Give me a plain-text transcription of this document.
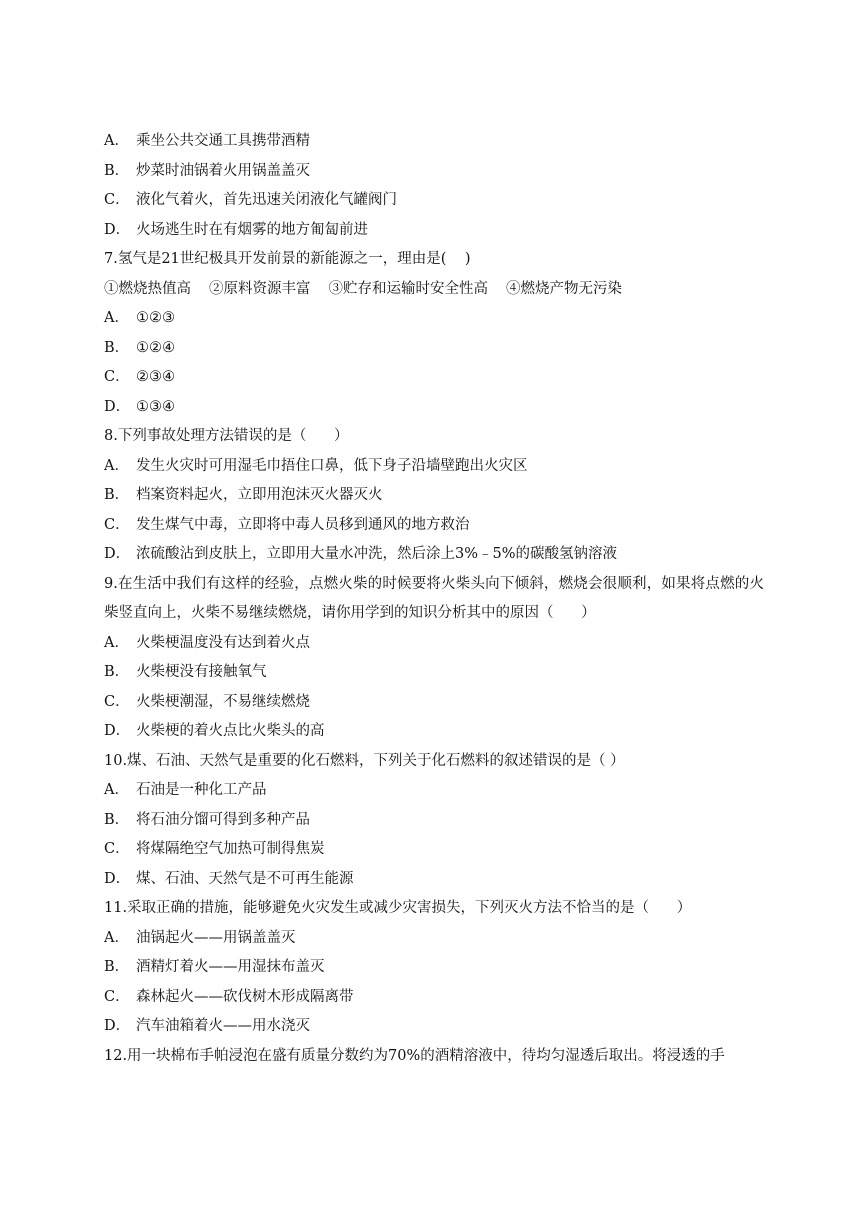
A． 乘坐公共交通工具携带酒精
B． 炒菜时油锅着火用锅盖盖灭
C． 液化气着火，首先迅速关闭液化气罐阀门
D． 火场逃生时在有烟雾的地方匍匐前进
7.氢气是21世纪极具开发前景的新能源之一，理由是(    )
①燃烧热值高 ②原料资源丰富 ③贮存和运输时安全性高 ④燃烧产物无污染
A． ①②③
B． ①②④
C． ②③④
D． ①③④
8.下列事故处理方法错误的是（      ）
A． 发生火灾时可用湿毛巾捂住口鼻，低下身子沿墙壁跑出火灾区
B． 档案资料起火，立即用泡沫灭火器灭火
C． 发生煤气中毒，立即将中毒人员移到通风的地方救治
D． 浓硫酸沾到皮肤上，立即用大量水冲洗，然后涂上3%﹣5%的碳酸氢钠溶液
9.在生活中我们有这样的经验，点燃火柴的时候要将火柴头向下倾斜，燃烧会很顺利，如果将点燃的火柴竖直向上，火柴不易继续燃烧，请你用学到的知识分析其中的原因（      ）
A． 火柴梗温度没有达到着火点
B． 火柴梗没有接触氧气
C． 火柴梗潮湿，不易继续燃烧
D． 火柴梗的着火点比火柴头的高
10.煤、石油、天然气是重要的化石燃料，下列关于化石燃料的叙述错误的是（ ）
A． 石油是一种化工产品
B． 将石油分馏可得到多种产品
C． 将煤隔绝空气加热可制得焦炭
D． 煤、石油、天然气是不可再生能源
11.采取正确的措施，能够避免火灾发生或减少灾害损失，下列灭火方法不恰当的是（      ）
A． 油锅起火——用锅盖盖灭
B． 酒精灯着火——用湿抹布盖灭
C． 森林起火——砍伐树木形成隔离带
D． 汽车油箱着火——用水浇灭
12.用一块棉布手帕浸泡在盛有质量分数约为70%的酒精溶液中，待均匀湿透后取出。将浸透的手
